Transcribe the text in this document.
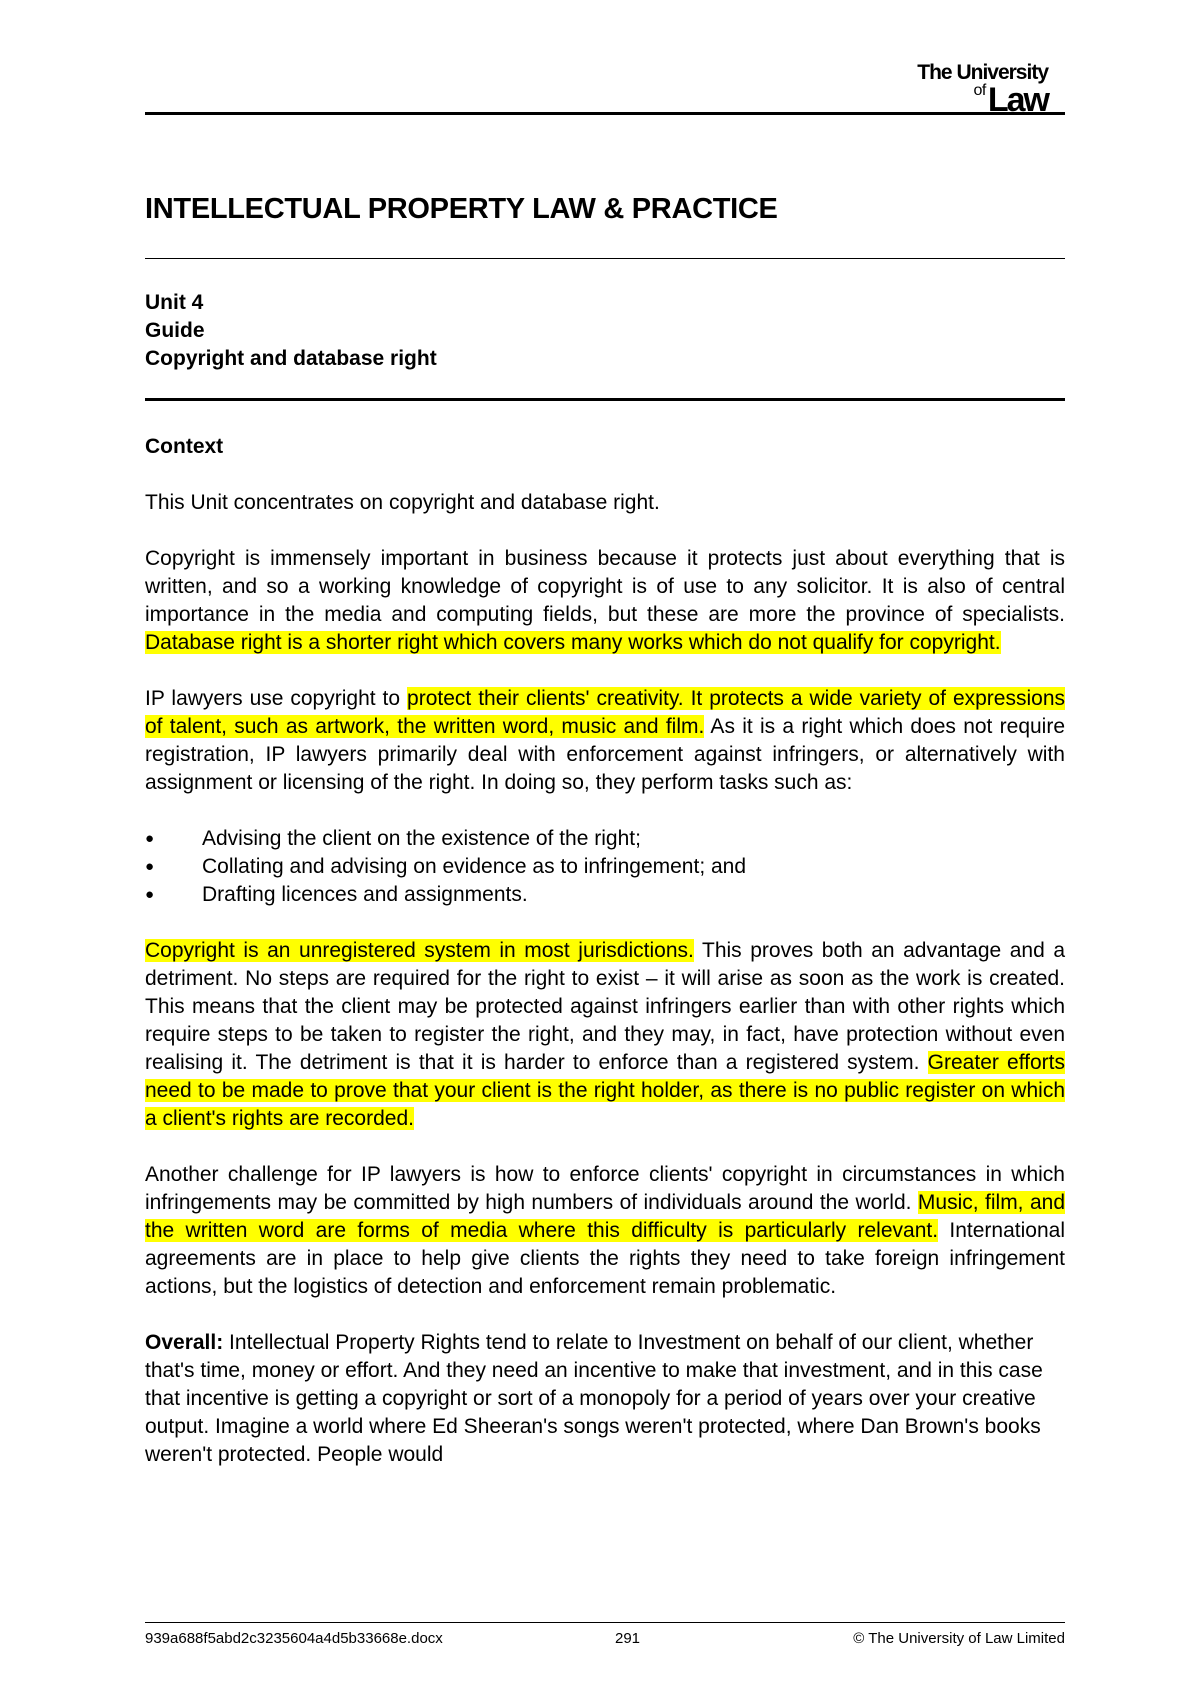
The University
ofLaw
INTELLECTUAL PROPERTY LAW & PRACTICE
Unit 4
Guide
Copyright and database right

Context

This Unit concentrates on copyright and database right.

Copyright is immensely important in business because it protects just about everything that is written, and so a working knowledge of copyright is of use to any solicitor. It is also of central importance in the media and computing fields, but these are more the province of specialists. Database right is a shorter right which covers many works which do not qualify for copyright.

IP lawyers use copyright to protect their clients' creativity. It protects a wide variety of expressions of talent, such as artwork, the written word, music and film. As it is a right which does not require registration, IP lawyers primarily deal with enforcement against infringers, or alternatively with assignment or licensing of the right. In doing so, they perform tasks such as:

● Advising the client on the existence of the right;
● Collating and advising on evidence as to infringement; and
● Drafting licences and assignments.

Copyright is an unregistered system in most jurisdictions. This proves both an advantage and a detriment. No steps are required for the right to exist – it will arise as soon as the work is created. This means that the client may be protected against infringers earlier than with other rights which require steps to be taken to register the right, and they may, in fact, have protection without even realising it. The detriment is that it is harder to enforce than a registered system. Greater efforts need to be made to prove that your client is the right holder, as there is no public register on which a client's rights are recorded.

Another challenge for IP lawyers is how to enforce clients' copyright in circumstances in which infringements may be committed by high numbers of individuals around the world. Music, film, and the written word are forms of media where this difficulty is particularly relevant. International agreements are in place to help give clients the rights they need to take foreign infringement actions, but the logistics of detection and enforcement remain problematic.

Overall: Intellectual Property Rights tend to relate to Investment on behalf of our client, whether that's time, money or effort. And they need an incentive to make that investment, and in this case that incentive is getting a copyright or sort of a monopoly for a period of years over your creative output. Imagine a world where Ed Sheeran's songs weren't protected, where Dan Brown's books weren't protected. People would

939a688f5abd2c3235604a4d5b33668e.docx	291	© The University of Law Limited
